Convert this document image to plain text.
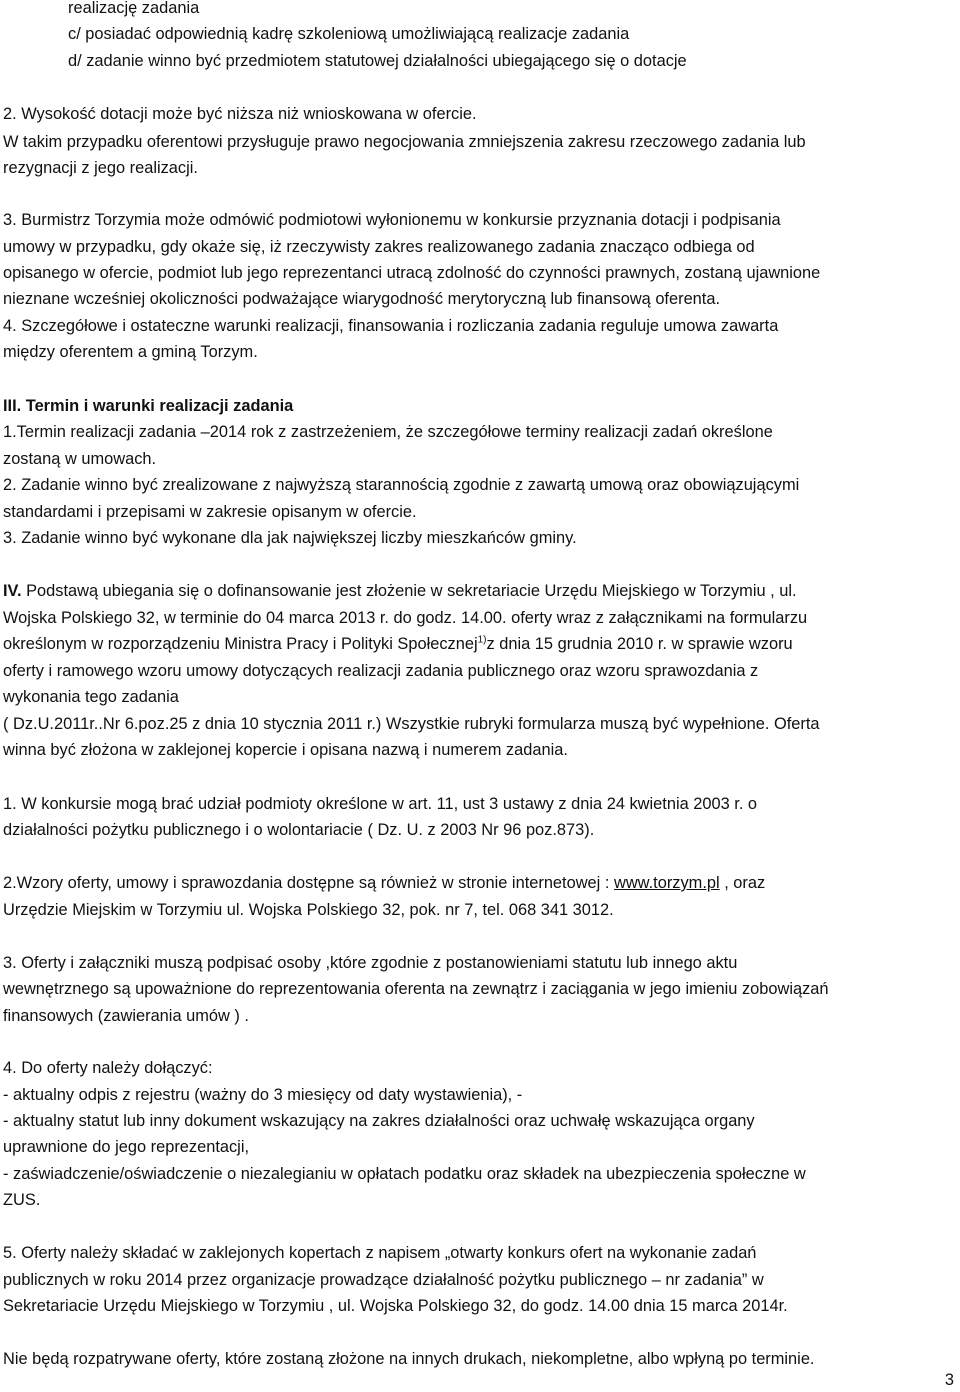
realizację zadania
c/ posiadać odpowiednią kadrę szkoleniową umożliwiającą realizacje zadania
d/ zadanie winno być przedmiotem statutowej działalności ubiegającego się o dotacje
2. Wysokość dotacji może być niższa niż wnioskowana w ofercie.
W takim przypadku oferentowi przysługuje prawo negocjowania zmniejszenia zakresu rzeczowego zadania lub
rezygnacji z jego realizacji.
3. Burmistrz Torzymia może odmówić podmiotowi wyłonionemu w konkursie przyznania dotacji i podpisania
umowy w przypadku, gdy okaże się, iż rzeczywisty zakres realizowanego zadania znacząco odbiega od
opisanego w ofercie, podmiot lub jego reprezentanci utracą zdolność do czynności prawnych, zostaną ujawnione
nieznane wcześniej okoliczności podważające wiarygodność merytoryczną lub finansową oferenta.
4. Szczegółowe i ostateczne warunki realizacji, finansowania i rozliczania zadania reguluje umowa zawarta
między oferentem a gminą Torzym.
III. Termin i warunki realizacji zadania
1.Termin realizacji zadania –2014 rok z zastrzeżeniem, że szczegółowe terminy realizacji zadań określone
zostaną w umowach.
2. Zadanie winno być zrealizowane z najwyższą starannością zgodnie z zawartą umową oraz obowiązującymi
standardami i przepisami w zakresie opisanym w ofercie.
3. Zadanie winno być wykonane dla jak największej liczby mieszkańców gminy.
IV. Podstawą ubiegania się o dofinansowanie jest złożenie w sekretariacie Urzędu Miejskiego w Torzymiu , ul.
Wojska Polskiego 32, w terminie do 04 marca 2013 r. do godz. 14.00. oferty wraz z załącznikami na formularzu
określonym w rozporządzeniu Ministra Pracy i Polityki Społecznej$^{1)}$z dnia 15 grudnia 2010 r. w sprawie wzoru
oferty i ramowego wzoru umowy dotyczących realizacji zadania publicznego oraz wzoru sprawozdania z
wykonania tego zadania
( Dz.U.2011r..Nr 6.poz.25 z dnia 10 stycznia 2011 r.) Wszystkie rubryki formularza muszą być wypełnione. Oferta
winna być złożona w zaklejonej kopercie i opisana nazwą i numerem zadania.
1. W konkursie mogą brać udział podmioty określone w art. 11, ust 3 ustawy z dnia 24 kwietnia 2003 r. o
działalności pożytku publicznego i o wolontariacie ( Dz. U. z 2003 Nr 96 poz.873).
2.Wzory oferty, umowy i sprawozdania dostępne są również w stronie internetowej : www.torzym.pl , oraz
Urzędzie Miejskim w Torzymiu ul. Wojska Polskiego 32, pok. nr 7, tel. 068 341 3012.
3. Oferty i załączniki muszą podpisać osoby ,które zgodnie z postanowieniami statutu lub innego aktu
wewnętrznego są upoważnione do reprezentowania oferenta na zewnątrz i zaciągania w jego imieniu zobowiązań
finansowych (zawierania umów ) .
4. Do oferty należy dołączyć:
- aktualny odpis z rejestru (ważny do 3 miesięcy od daty wystawienia), -
- aktualny statut lub inny dokument wskazujący na zakres działalności oraz uchwałę wskazująca organy
uprawnione do jego reprezentacji,
- zaświadczenie/oświadczenie o niezalegianiu w opłatach podatku oraz składek na ubezpieczenia społeczne w
ZUS.
5. Oferty należy składać w zaklejonych kopertach z napisem „otwarty konkurs ofert na wykonanie zadań
publicznych w roku 2014 przez organizacje prowadzące działalność pożytku publicznego – nr zadania” w
Sekretariacie Urzędu Miejskiego w Torzymiu , ul. Wojska Polskiego 32, do godz. 14.00 dnia 15 marca 2014r.
Nie będą rozpatrywane oferty, które zostaną złożone na innych drukach, niekompletne, albo wpłyną po terminie.
3
